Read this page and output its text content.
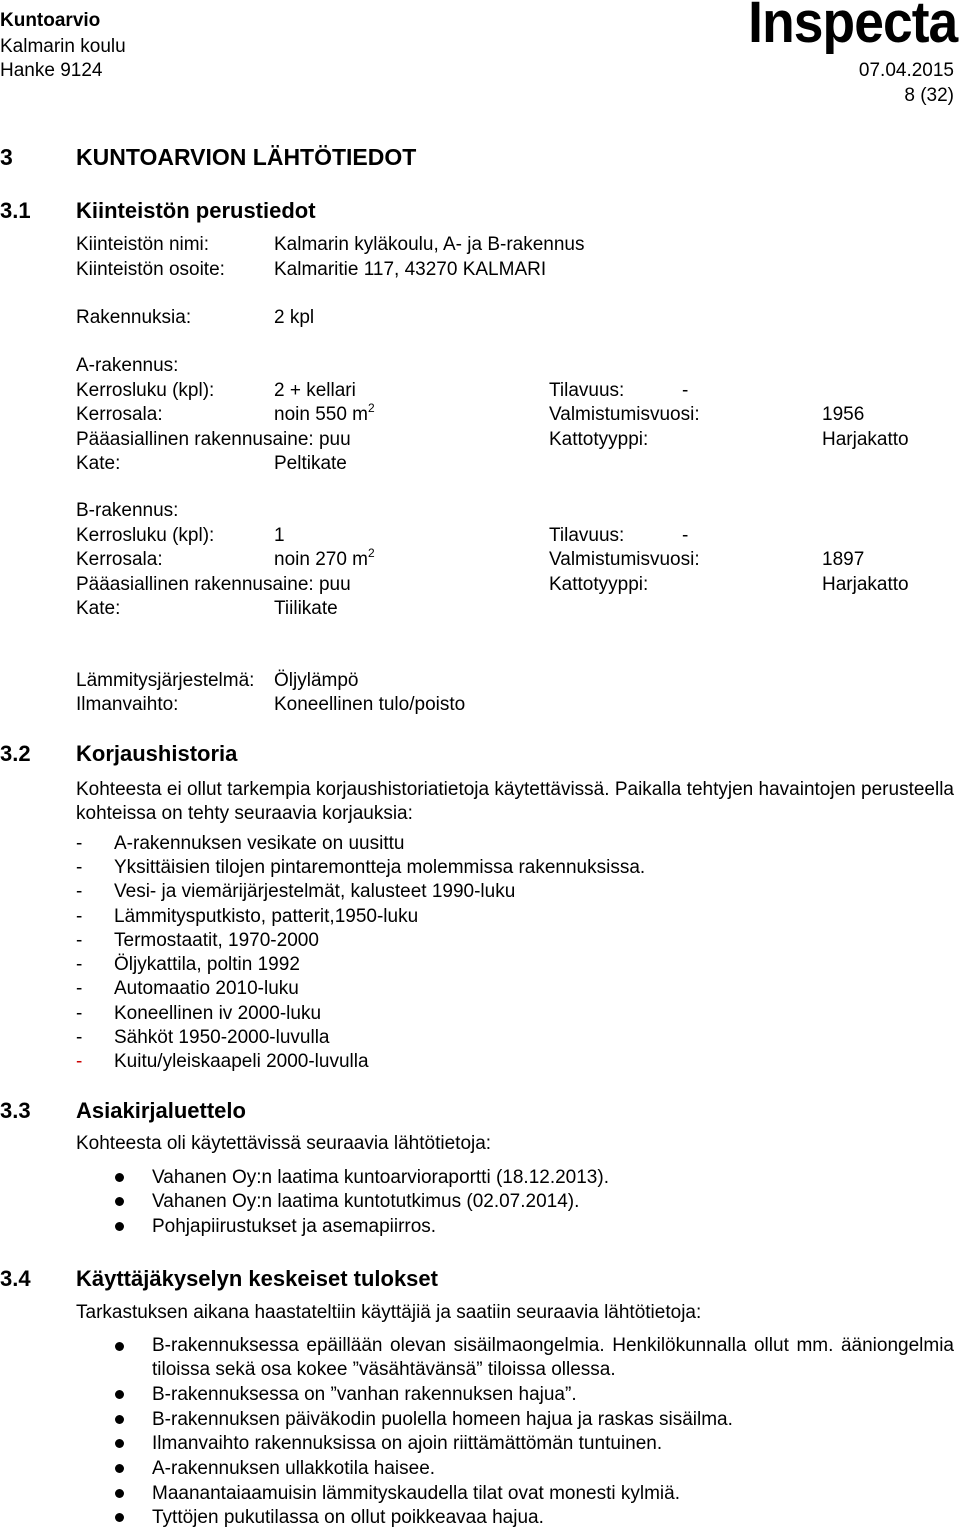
Kuntoarvio
Kalmarin koulu
Hanke 9124
Inspecta
07.04.2015
8 (32)
3	KUNTOARVION LÄHTÖTIEDOT
3.1 Kiinteistön perustiedot
Kiinteistön nimi:	Kalmarin kyläkoulu, A- ja B-rakennus
Kiinteistön osoite:	Kalmaritie 117, 43270 KALMARI
Rakennuksia:	2 kpl
A-rakennus:
Kerrosluku (kpl):	2 + kellari	Tilavuus:	-
Kerrosala:	noin 550 $m^2$	Valmistumisvuosi:	1956
Pääasiallinen rakennusaine: puu	Kattotyyppi:	Harjakatto
Kate:	Peltikate
B-rakennus:
Kerrosluku (kpl):	1	Tilavuus:	-
Kerrosala:	noin 270 $m^2$	Valmistumisvuosi:	1897
Pääasiallinen rakennusaine: puu	Kattotyyppi:	Harjakatto
Kate:	Tiilikate
Lämmitysjärjestelmä: Öljylämpö
Ilmanvaihto:	Koneellinen tulo/poisto
3.2 Korjaushistoria
Kohteesta ei ollut tarkempia korjaushistoriatietoja käytettävissä. Paikalla tehtyjen havaintojen perusteella kohteissa on tehty seuraavia korjauksia:
- A-rakennuksen vesikate on uusittu
- Yksittäisien tilojen pintaremontteja molemmissa rakennuksissa.
- Vesi- ja viemärijärjestelmät, kalusteet 1990-luku
- Lämmitysputkisto, patterit,1950-luku
- Termostaatit, 1970-2000
- Öljykattila, poltin 1992
- Automaatio 2010-luku
- Koneellinen iv 2000-luku
- Sähköt 1950-2000-luvulla
- Kuitu/yleiskaapeli 2000-luvulla
3.3 Asiakirjaluettelo
Kohteesta oli käytettävissä seuraavia lähtötietoja:
Vahanen Oy:n laatima kuntoarvioraportti (18.12.2013).
Vahanen Oy:n laatima kuntotutkimus (02.07.2014).
Pohjapiirustukset ja asemapiirros.
3.4 Käyttäjäkyselyn keskeiset tulokset
Tarkastuksen aikana haastateltiin käyttäjiä ja saatiin seuraavia lähtötietoja:
B-rakennuksessa epäillään olevan sisäilmaongelmia. Henkilökunnalla ollut mm. ääniongelmia tiloissa sekä osa kokee ”väsähtävänsä” tiloissa ollessa.
B-rakennuksessa on ”vanhan rakennuksen hajua”.
B-rakennuksen päiväkodin puolella homeen hajua ja raskas sisäilma.
Ilmanvaihto rakennuksissa on ajoin riittämättömän tuntuinen.
A-rakennuksen ullakkotila haisee.
Maanantaiaamuisin lämmityskaudella tilat ovat monesti kylmiä.
Tyttöjen pukutilassa on ollut poikkeavaa hajua.
